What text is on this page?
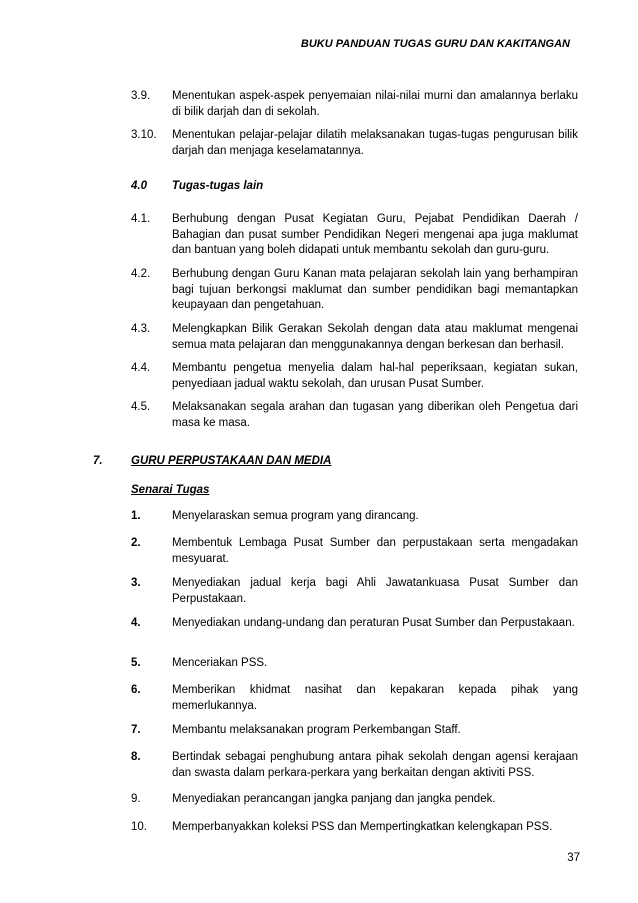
BUKU PANDUAN TUGAS GURU DAN KAKITANGAN
3.9. Menentukan aspek-aspek penyemaian nilai-nilai murni dan amalannya berlaku di bilik darjah dan di sekolah.
3.10. Menentukan pelajar-pelajar dilatih melaksanakan tugas-tugas pengurusan bilik darjah dan menjaga keselamatannya.
4.0 Tugas-tugas lain
4.1. Berhubung dengan Pusat Kegiatan Guru, Pejabat Pendidikan Daerah / Bahagian dan pusat sumber Pendidikan Negeri mengenai apa juga maklumat dan bantuan yang boleh didapati untuk membantu sekolah dan guru-guru.
4.2. Berhubung dengan Guru Kanan mata pelajaran sekolah lain yang berhampiran bagi tujuan berkongsi maklumat dan sumber pendidikan bagi memantapkan keupayaan dan pengetahuan.
4.3. Melengkapkan Bilik Gerakan Sekolah dengan data atau maklumat mengenai semua mata pelajaran dan menggunakannya dengan berkesan dan berhasil.
4.4. Membantu pengetua menyelia dalam hal-hal peperiksaan, kegiatan sukan, penyediaan jadual waktu sekolah, dan urusan Pusat Sumber.
4.5. Melaksanakan segala arahan dan tugasan yang diberikan oleh Pengetua dari masa ke masa.
7. GURU PERPUSTAKAAN DAN MEDIA
Senarai Tugas
1.	Menyelaraskan semua program yang dirancang.
2.	Membentuk Lembaga Pusat Sumber dan perpustakaan serta mengadakan mesyuarat.
3.	Menyediakan jadual kerja bagi Ahli Jawatankuasa Pusat Sumber dan Perpustakaan.
4.	Menyediakan undang-undang dan peraturan Pusat Sumber dan Perpustakaan.
5.	Menceriakan PSS.
6.	Memberikan khidmat nasihat dan kepakaran kepada pihak yang memerlukannya.
7.	Membantu melaksanakan program Perkembangan Staff.
8.	Bertindak sebagai penghubung antara pihak sekolah dengan agensi kerajaan dan swasta dalam perkara-perkara yang berkaitan dengan aktiviti PSS.
9.	Menyediakan perancangan jangka panjang dan jangka pendek.
10. Memperbanyakkan koleksi PSS dan Mempertingkatkan kelengkapan PSS.
37
